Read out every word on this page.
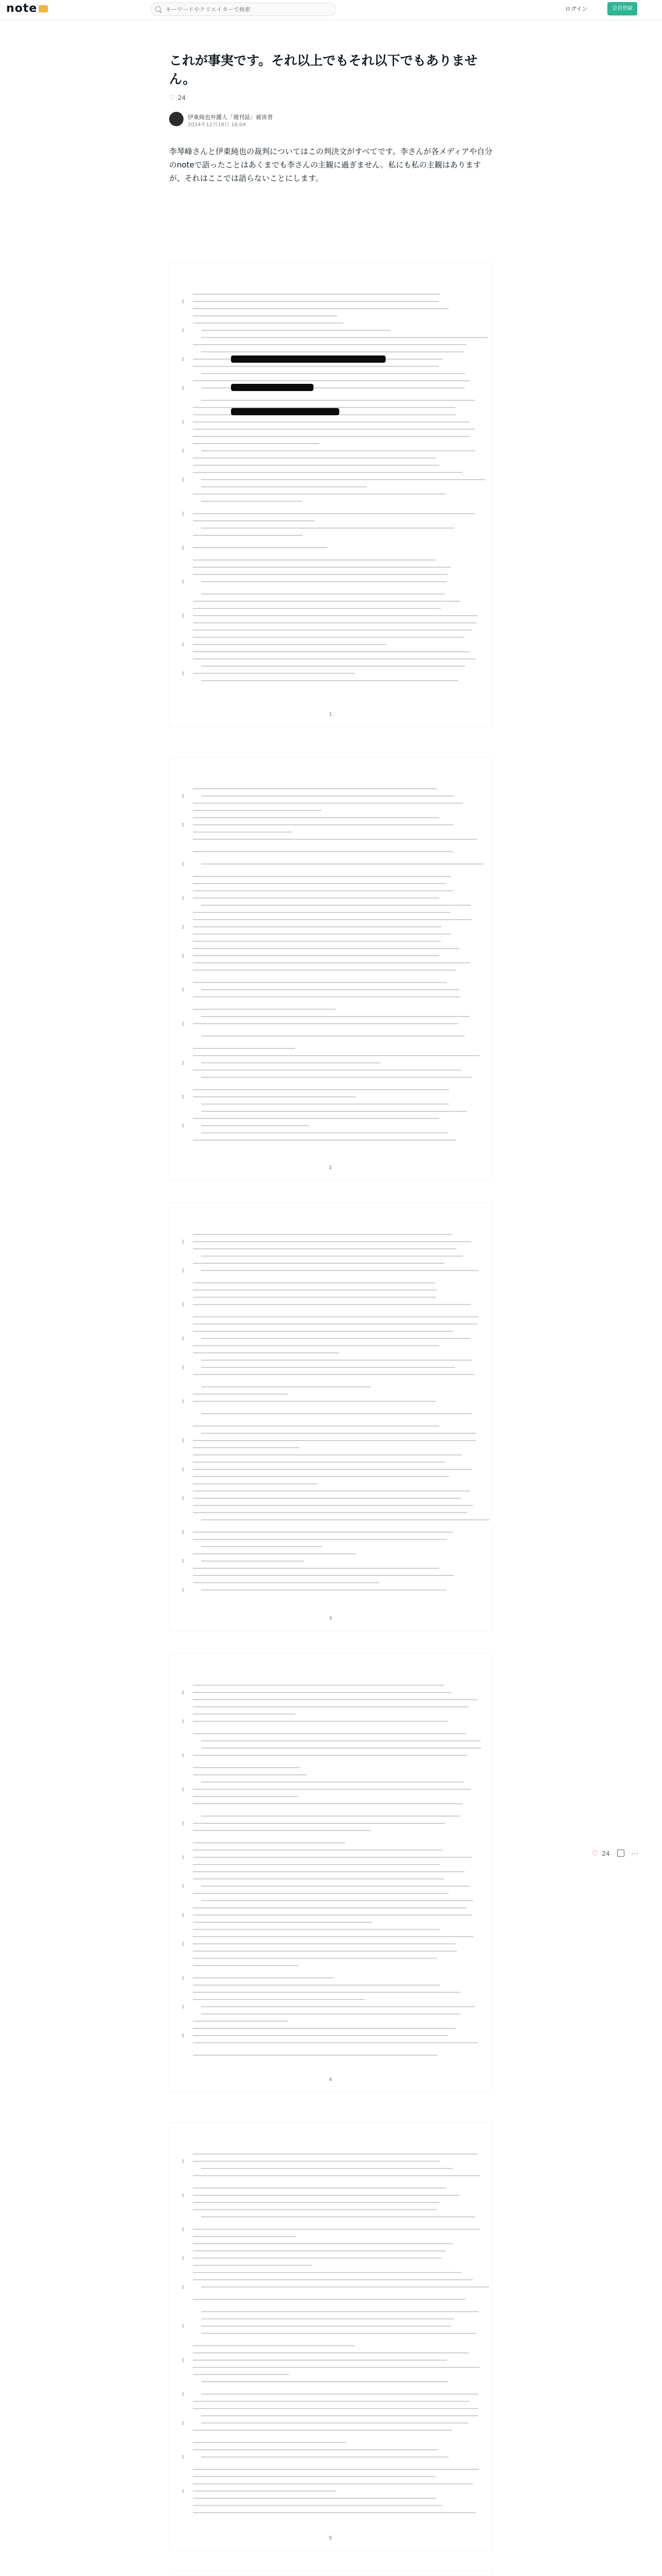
note
キーワードやクリエイターで検索	ログイン	会員登録
これが事実です。それ以上でもそれ以下でもありません。
♡ 24
伊東純也弁護人「週刊誌」被害者
2024年12月18日 16:04
李琴峰さんと伊東純也の裁判についてはこの判決文がすべてです。李さんが各メディアや自分のnoteで語ったことはあくまでも李さんの主観に過ぎません。私にも私の主観はありますが、それはここでは語らないことにします。
1
2
3
4
5
♡ 24	···
